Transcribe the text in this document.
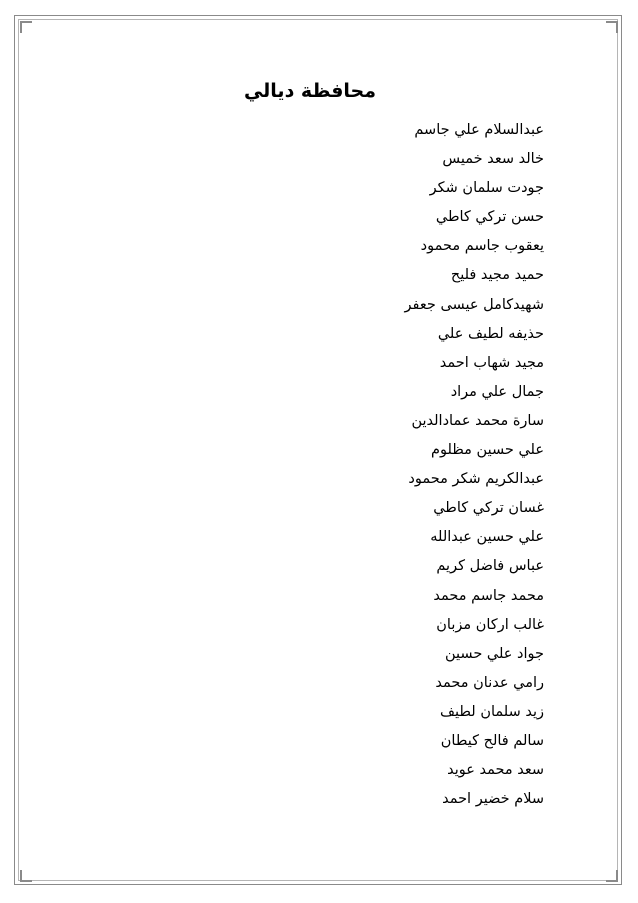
محافظة ديالي
عبدالسلام علي جاسم
خالد سعد خميس
جودت سلمان شكر
حسن تركي كاطي
يعقوب جاسم محمود
حميد مجيد فليح
شهيدكامل عيسى جعفر
حذيفه لطيف علي
مجيد شهاب احمد
جمال علي مراد
سارة محمد عمادالدين
علي حسين مظلوم
عبدالكريم شكر محمود
غسان تركي كاطي
علي حسين عبدالله
عباس فاضل كريم
محمد جاسم محمد
غالب اركان مزبان
جواد علي حسين
رامي عدنان محمد
زيد سلمان لطيف
سالم فالح كيطان
سعد محمد عويد
سلام خضير احمد
